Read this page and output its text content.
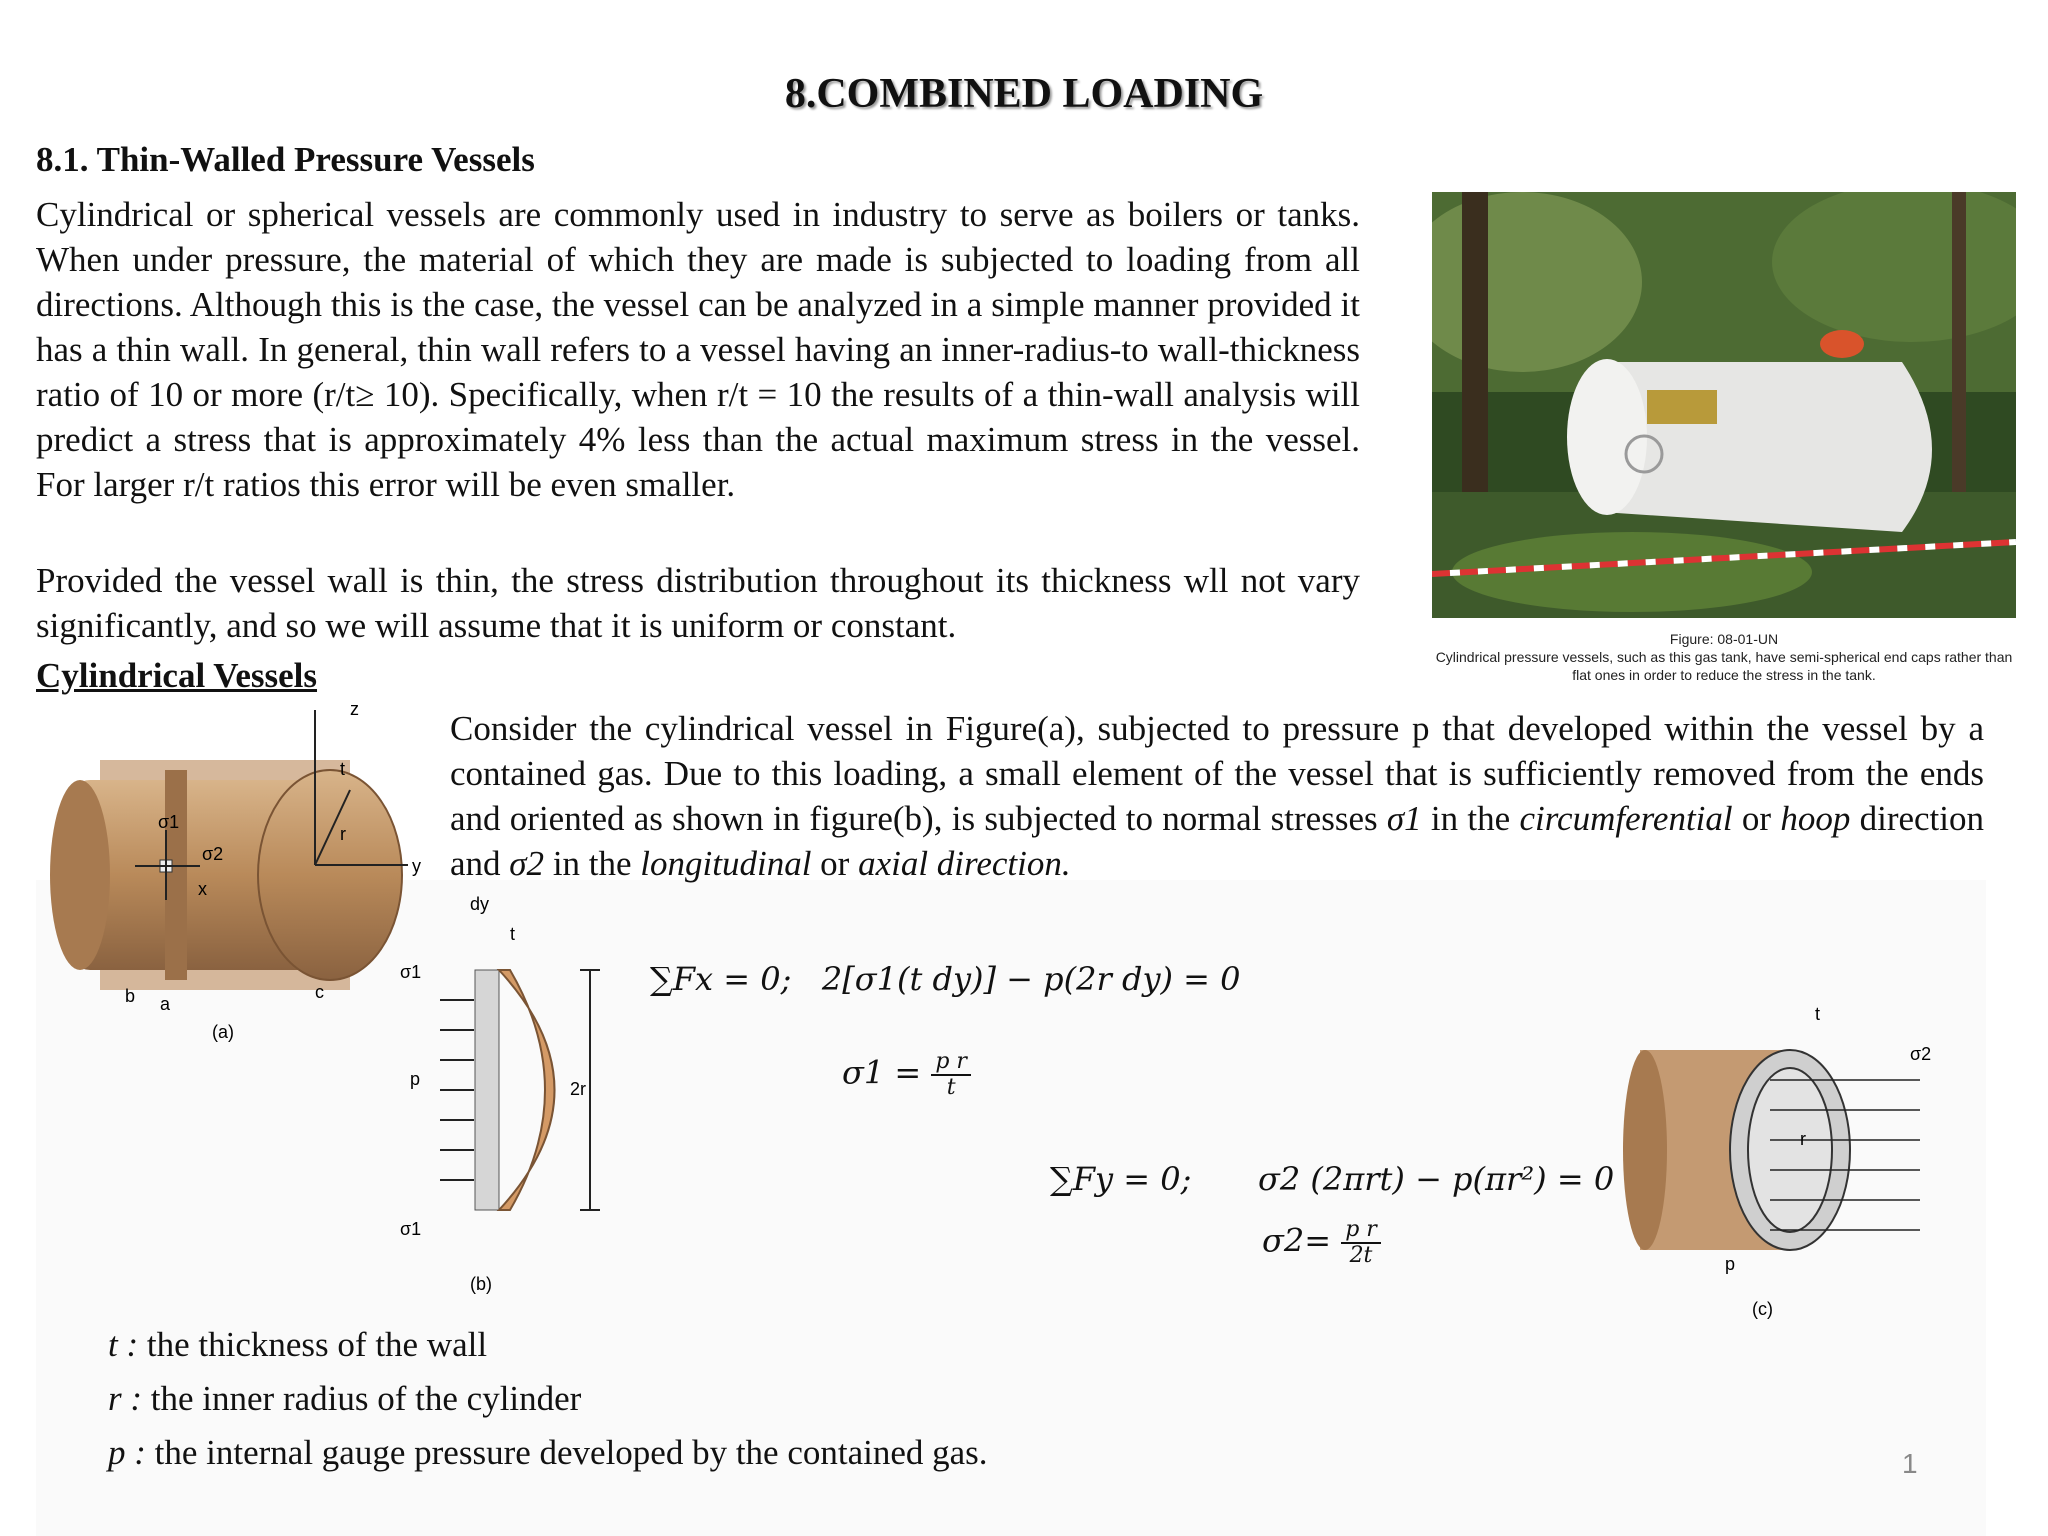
8.COMBINED LOADING
8.1. Thin-Walled Pressure Vessels
Cylindrical or spherical vessels are commonly used in industry to serve as boilers or tanks. When under pressure, the material of which they are made is subjected to loading from all directions. Although this is the case, the vessel can be analyzed in a simple manner provided it has a thin wall. In general, thin wall refers to a vessel having an inner-radius-to wall-thickness ratio of 10 or more (r/t≥ 10). Specifically, when r/t = 10 the results of a thin-wall analysis will predict a stress that is approximately 4% less than the actual maximum stress in the vessel. For larger r/t ratios this error will be even smaller.
Provided the vessel wall is thin, the stress distribution throughout its thickness wll not vary significantly, and so we will assume that it is uniform or constant.
Cylindrical Vessels
Consider the cylindrical vessel in Figure(a), subjected to pressure p that developed within the vessel by a contained gas. Due to this loading, a small element of the vessel that is sufficiently removed from the ends and oriented as shown in figure(b), is subjected to normal stresses σ1 in the circumferential or hoop direction and σ2 in the longitudinal or axial direction.
Figure: 08-01-UN
Cylindrical pressure vessels, such as this gas tank, have semi-spherical end caps rather than flat ones in order to reduce the stress in the tank.
z
y
x
t
r
σ1
σ2
b a
c
(a)
dy
σ1
p	2r
σ1
t
(b)
t
σ2
r
p
(c)
∑Fx = 0; 2[σ1(t dy)] − p(2r dy) = 0
$\sigma 1 = \frac{\text{p r}}{t}$
∑Fy = 0; σ2 (2πrt) − p(πr²) = 0
$\sigma 2= \frac{\text{p r}}{2t}$
t : the thickness of the wall
r : the inner radius of the cylinder
p : the internal gauge pressure developed by the contained gas.	1
